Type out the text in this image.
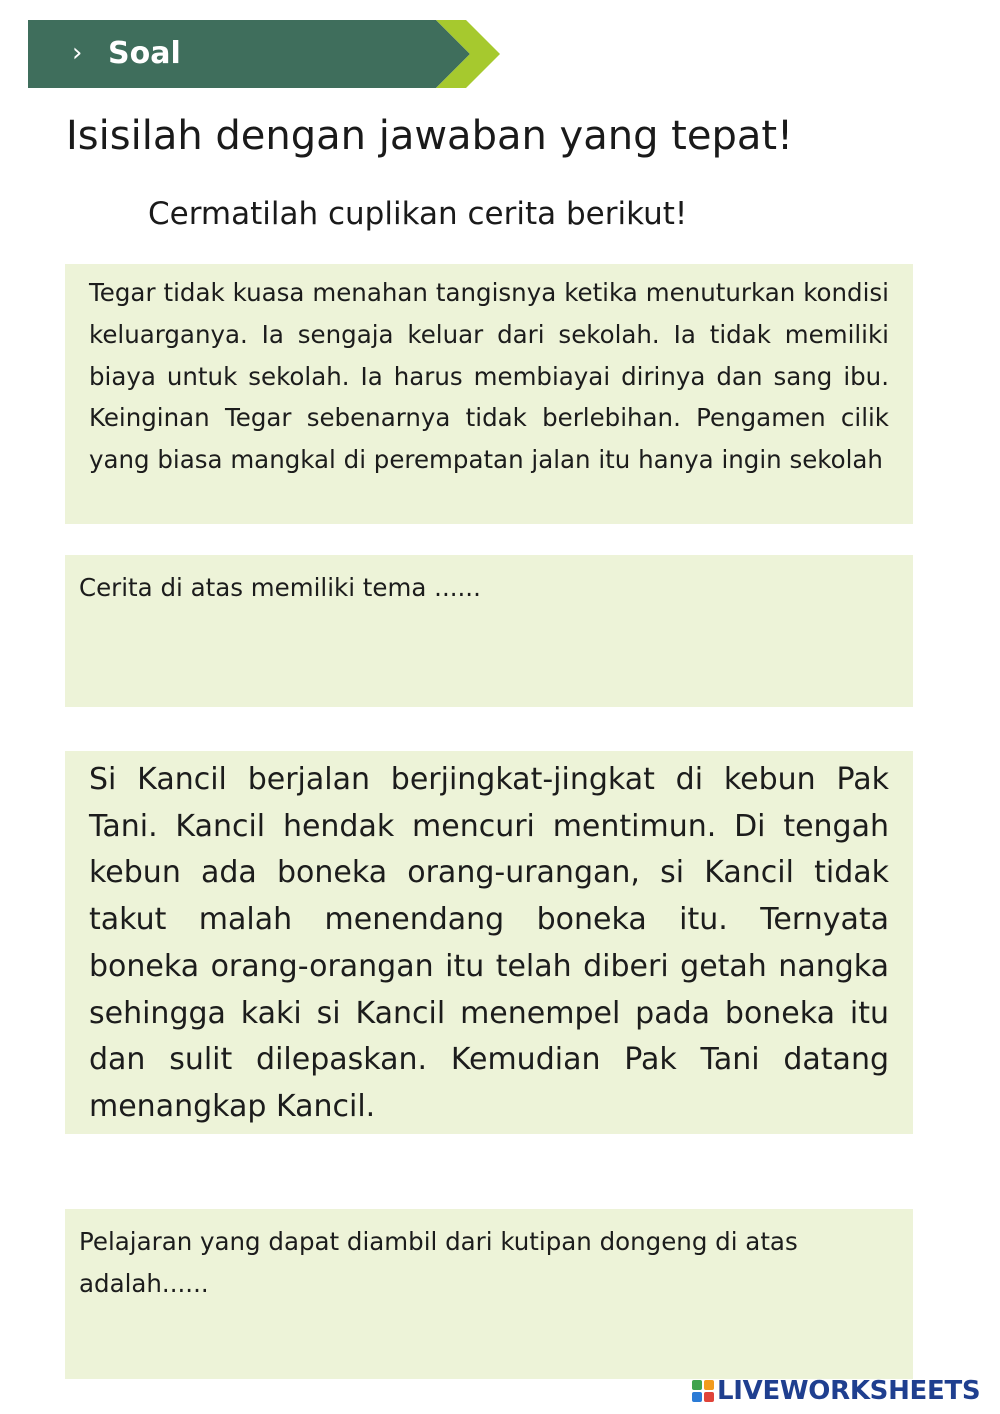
› Soal
Isisilah dengan jawaban yang tepat!
Cermatilah cuplikan cerita berikut!

Tegar tidak kuasa menahan tangisnya ketika menuturkan kondisi keluarganya. Ia sengaja keluar dari sekolah. Ia tidak memiliki biaya untuk sekolah. Ia harus membiayai dirinya dan sang ibu. Keinginan Tegar sebenarnya tidak berlebihan. Pengamen cilik yang biasa mangkal di perempatan jalan itu hanya ingin sekolah

Cerita di atas memiliki tema ......

Si Kancil berjalan berjingkat-jingkat di kebun Pak Tani. Kancil hendak mencuri mentimun. Di tengah kebun ada boneka orang-urangan, si Kancil tidak takut malah menendang boneka itu. Ternyata boneka orang-orangan itu telah diberi getah nangka sehingga kaki si Kancil menempel pada boneka itu dan sulit dilepaskan. Kemudian Pak Tani datang menangkap Kancil.

Pelajaran yang dapat diambil dari kutipan dongeng di atas adalah......

LIVEWORKSHEETS
